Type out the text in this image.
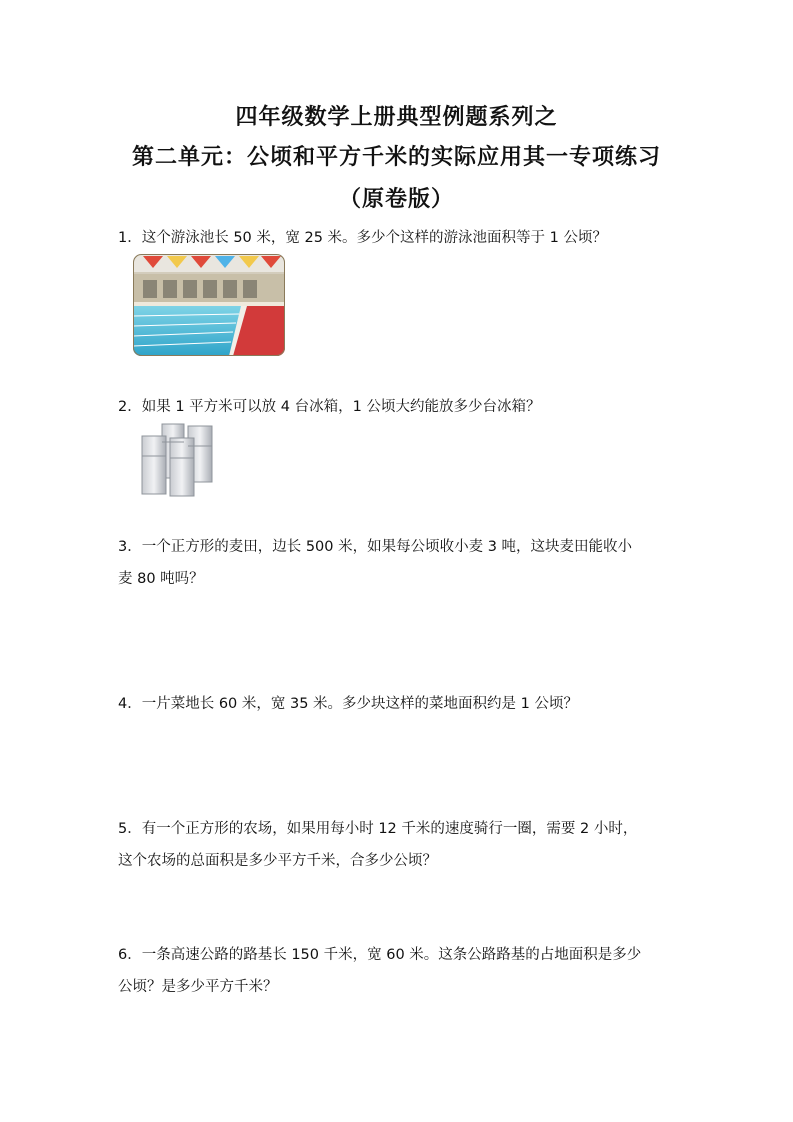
四年级数学上册典型例题系列之
第二单元：公顷和平方千米的实际应用其一专项练习
（原卷版）
1．这个游泳池长 50 米，宽 25 米。多少个这样的游泳池面积等于 1 公顷？
2．如果 1 平方米可以放 4 台冰箱，1 公顷大约能放多少台冰箱？
3．一个正方形的麦田，边长 500 米，如果每公顷收小麦 3 吨，这块麦田能收小
麦 80 吨吗？
4．一片菜地长 60 米，宽 35 米。多少块这样的菜地面积约是 1 公顷？
5．有一个正方形的农场，如果用每小时 12 千米的速度骑行一圈，需要 2 小时，
这个农场的总面积是多少平方千米，合多少公顷？
6．一条高速公路的路基长 150 千米，宽 60 米。这条公路路基的占地面积是多少
公顷？是多少平方千米？
